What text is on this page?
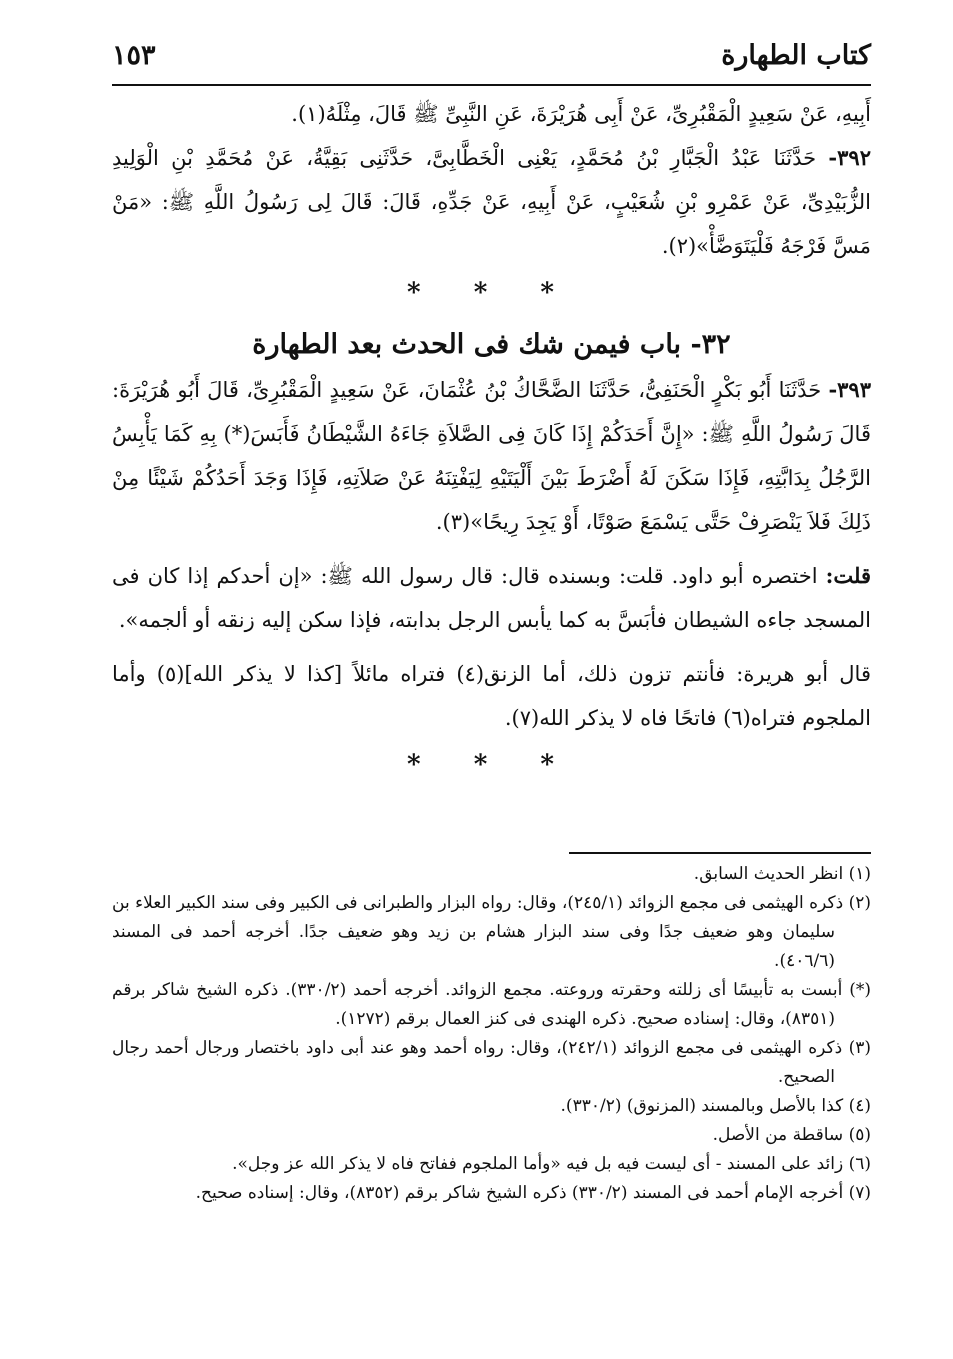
كتاب الطهارة
١٥٣

أَبِيهِ، عَنْ سَعِيدٍ الْمَقْبُرِىِّ، عَنْ أَبِى هُرَيْرَةَ، عَنِ النَّبِىِّ ﷺ قَالَ، مِثْلَهُ(١).

٣٩٢- حَدَّثَنَا عَبْدُ الْجَبَّارِ بْنُ مُحَمَّدٍ، يَعْنِى الْخَطَّابِىَّ، حَدَّثَنِى بَقِيَّةُ، عَنْ مُحَمَّدِ بْنِ الْوَلِيدِ الزُّبَيْدِىِّ، عَنْ عَمْرِو بْنِ شُعَيْبٍ، عَنْ أَبِيهِ، عَنْ جَدِّهِ، قَالَ: قَالَ لِى رَسُولُ اللَّهِ ﷺ: «مَنْ مَسَّ فَرْجَهُ فَلْيَتَوَضَّأْ»(٢).

* * *
٣٢- باب فيمن شك فى الحدث بعد الطهارة

٣٩٣- حَدَّثَنَا أَبُو بَكْرٍ الْحَنَفِىُّ، حَدَّثَنَا الضَّحَّاكُ بْنُ عُثْمَانَ، عَنْ سَعِيدٍ الْمَقْبُرِىِّ، قَالَ أَبُو هُرَيْرَةَ: قَالَ رَسُولُ اللَّهِ ﷺ: «إِنَّ أَحَدَكُمْ إِذَا كَانَ فِى الصَّلاَةِ جَاءَهُ الشَّيْطَانُ فَأَبَسَ(*) بِهِ كَمَا يَأْبِسُ الرَّجُلُ بِدَابَّتِهِ، فَإِذَا سَكَنَ لَهُ أَضْرَطَ بَيْنَ أَلْيَتَيْهِ لِيَفْتِنَهُ عَنْ صَلاَتِهِ، فَإِذَا وَجَدَ أَحَدُكُمْ شَيْئًا مِنْ ذَلِكَ فَلاَ يَنْصَرِفْ حَتَّى يَسْمَعَ صَوْتًا، أَوْ يَجِدَ رِيحًا»(٣).

قلت: اختصره أبو داود. قلت: وبسنده قال: قال رسول الله ﷺ: «إن أحدكم إذا كان فى المسجد جاءه الشيطان فأبَسَّ به كما يأبس الرجل بدابته، فإذا سكن إليه زنقه أو ألجمه».
قال أبو هريرة: فأنتم تزون ذلك، أما الزنق(٤) فتراه مائلاً [كذا لا يذكر الله](٥) وأما الملجوم فتراه(٦) فاتحًا فاه لا يذكر الله(٧).
* * *

(١) انظر الحديث السابق.

(٢) ذكره الهيثمى فى مجمع الزوائد (٢٤٥/١)، وقال: رواه البزار والطبرانى فى الكبير وفى سند الكبير العلاء بن سليمان وهو ضعيف جدًا وفى سند البزار هشام بن زيد وهو ضعيف جدًا. أخرجه أحمد فى المسند (٤٠٦/٦).

(*) أبست به تأبيسًا أى زللته وحقرته وروعته. مجمع الزوائد. أخرجه أحمد (٣٣٠/٢). ذكره الشيخ شاكر برقم (٨٣٥١)، وقال: إسناده صحيح. ذكره الهندى فى كنز العمال برقم (١٢٧٢).

(٣) ذكره الهيثمى فى مجمع الزوائد (٢٤٢/١)، وقال: رواه أحمد وهو عند أبى داود باختصار ورجال أحمد رجال الصحيح.

(٤) كذا بالأصل وبالمسند (المزنوق) (٣٣٠/٢).

(٥) ساقطة من الأصل.

(٦) زائد على المسند - أى ليست فيه بل فيه «وأما الملجوم ففاتح فاه لا يذكر الله عز وجل».

(٧) أخرجه الإمام أحمد فى المسند (٣٣٠/٢) ذكره الشيخ شاكر برقم (٨٣٥٢)، وقال: إسناده صحيح.
